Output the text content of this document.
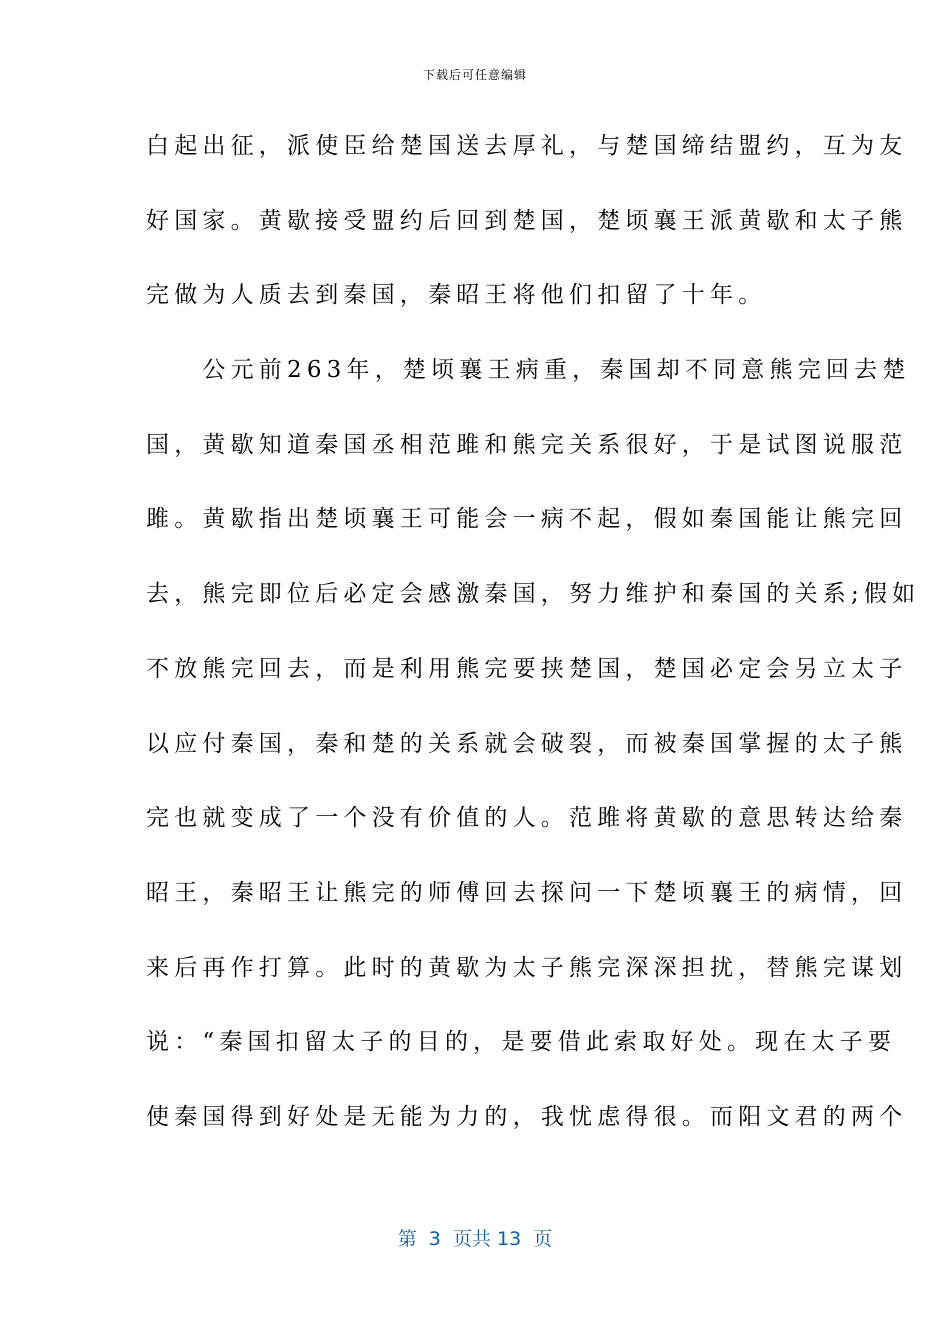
下载后可任意编辑
白起出征，派使臣给楚国送去厚礼，与楚国缔结盟约，互为友
好国家。黄歇接受盟约后回到楚国，楚顷襄王派黄歇和太子熊
完做为人质去到秦国，秦昭王将他们扣留了十年。
　　公元前263年，楚顷襄王病重，秦国却不同意熊完回去楚
国，黄歇知道秦国丞相范雎和熊完关系很好，于是试图说服范
雎。黄歇指出楚顷襄王可能会一病不起，假如秦国能让熊完回
去，熊完即位后必定会感激秦国，努力维护和秦国的关系;假如
不放熊完回去，而是利用熊完要挟楚国，楚国必定会另立太子
以应付秦国，秦和楚的关系就会破裂，而被秦国掌握的太子熊
完也就变成了一个没有价值的人。范雎将黄歇的意思转达给秦
昭王，秦昭王让熊完的师傅回去探问一下楚顷襄王的病情，回
来后再作打算。此时的黄歇为太子熊完深深担扰，替熊完谋划
说：“秦国扣留太子的目的，是要借此索取好处。现在太子要
使秦国得到好处是无能为力的，我忧虑得很。而阳文君的两个
第  3  页共 13  页
